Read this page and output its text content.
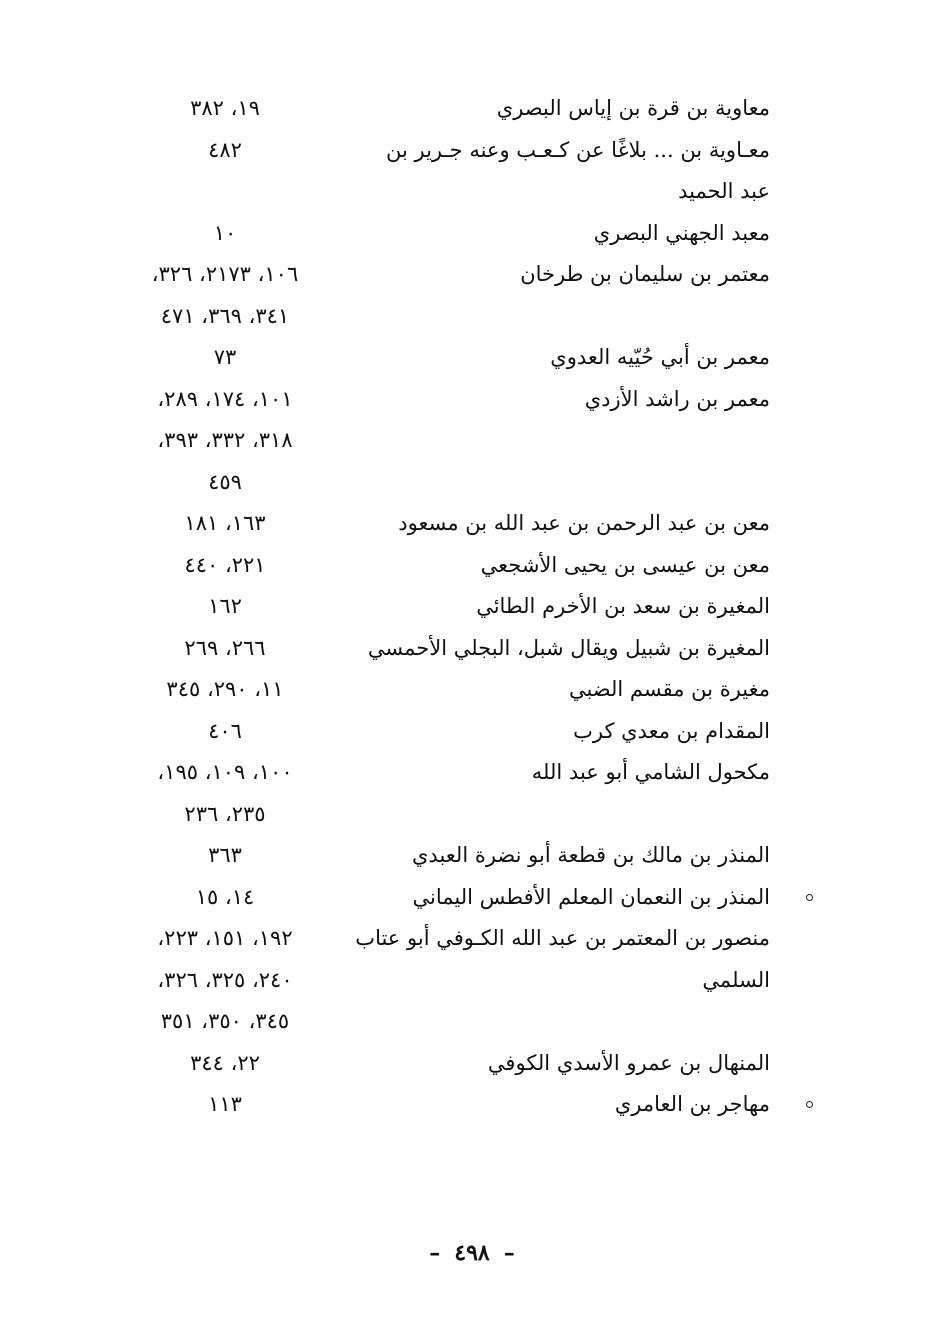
معاوية بن قرة بن إياس البصري
١٩، ٣٨٢
معـاوية بن ... بلاغًا عن كـعـب وعنه جـرير بن عبد الحميد
٤٨٢
معبد الجهني البصري
١٠
معتمر بن سليمان بن طرخان
١٠٦، ٢١٧٣، ٣٢٦،
٣٤١، ٣٦٩، ٤٧١
معمر بن أبي حُيّيه العدوي
٧٣
معمر بن راشد الأزدي
١٠١، ١٧٤، ٢٨٩،
٣١٨، ٣٣٢، ٣٩٣،
٤٥٩
معن بن عبد الرحمن بن عبد الله بن مسعود
١٦٣، ١٨١
معن بن عيسى بن يحيى الأشجعي
٢٢١، ٤٤٠
المغيرة بن سعد بن الأخرم الطائي
١٦٢
المغيرة بن شبيل ويقال شبل، البجلي الأحمسي
٢٦٦، ٢٦٩
مغيرة بن مقسم الضبي
١١، ٢٩٠، ٣٤٥
المقدام بن معدي كرب
٤٠٦
مكحول الشامي أبو عبد الله
١٠٠، ١٠٩، ١٩٥،
٢٣٥، ٢٣٦
المنذر بن مالك بن قطعة أبو نضرة العبدي
٣٦٣
المنذر بن النعمان المعلم الأفطس اليماني
١٤، ١٥
منصور بن المعتمر بن عبد الله الكـوفي أبو عتاب السلمي
١٩٢، ١٥١، ٢٢٣،
٢٤٠، ٣٢٥، ٣٢٦،
٣٤٥، ٣٥٠، ٣٥١
المنهال بن عمرو الأسدي الكوفي
٢٢، ٣٤٤
مهاجر بن العامري
١١٣
–٤٩٨–
